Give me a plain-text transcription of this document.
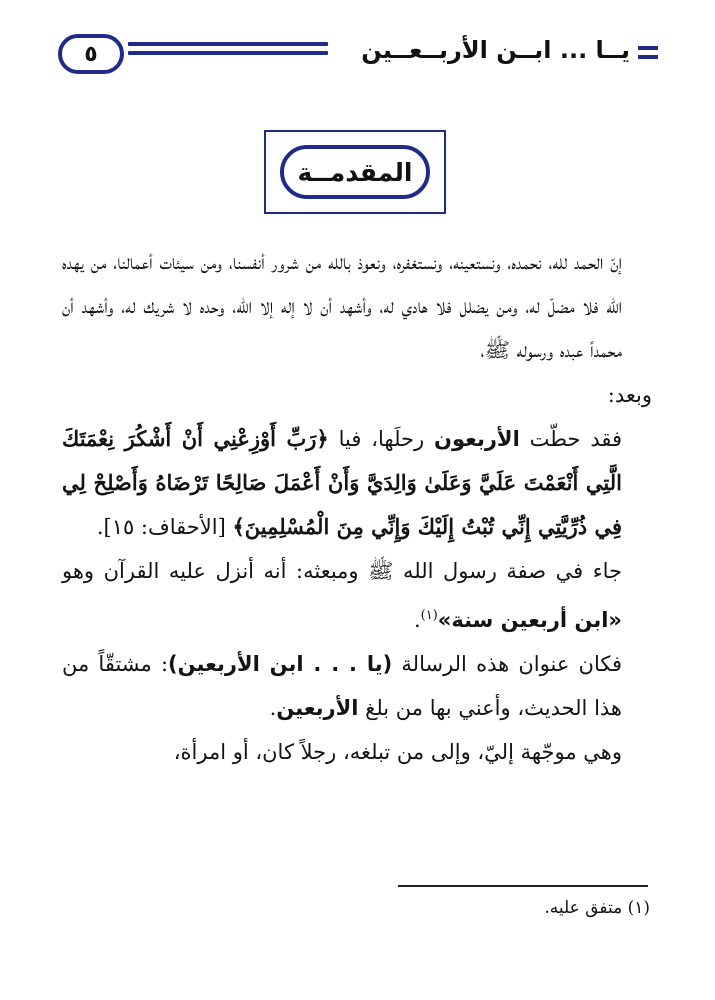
٥	يــا ... ابــن الأربــعــين
المقدمــة

إنّ الحمد لله، نحمده، ونستعينه، ونستغفره، ونعوذ بالله من شرور أنفسنا، ومن سيئات أعمالنا، من يهده الله فلا مضلّ له، ومن يضلل فلا هادي له، وأشهد أن لا إله إلا الله، وحده لا شريك له، وأشهد أن محمداً عبده ورسوله ﷺ،

وبعد:

فقد حطّت الأربعون رحلَها، فيا ﴿رَبِّ أَوْزِعْنِي أَنْ أَشْكُرَ نِعْمَتَكَ الَّتِي أَنْعَمْتَ عَلَيَّ وَعَلَىٰ وَالِدَيَّ وَأَنْ أَعْمَلَ صَالِحًا تَرْضَاهُ وَأَصْلِحْ لِي فِي ذُرِّيَّتِي إِنِّي تُبْتُ إِلَيْكَ وَإِنِّي مِنَ الْمُسْلِمِينَ﴾ [الأحقاف: ١٥].

جاء في صفة رسول الله ﷺ ومبعثه: أنه أنزل عليه القرآن وهو «ابن أربعين سنة»$^{(١)}$.

فكان عنوان هذه الرسالة (يا . . . ابن الأربعين): مشتقّاً من هذا الحديث، وأعني بها من بلغ الأربعين.

وهي موجّهة إليّ، وإلى من تبلغه، رجلاً كان، أو امرأة،

(١) متفق عليه.
